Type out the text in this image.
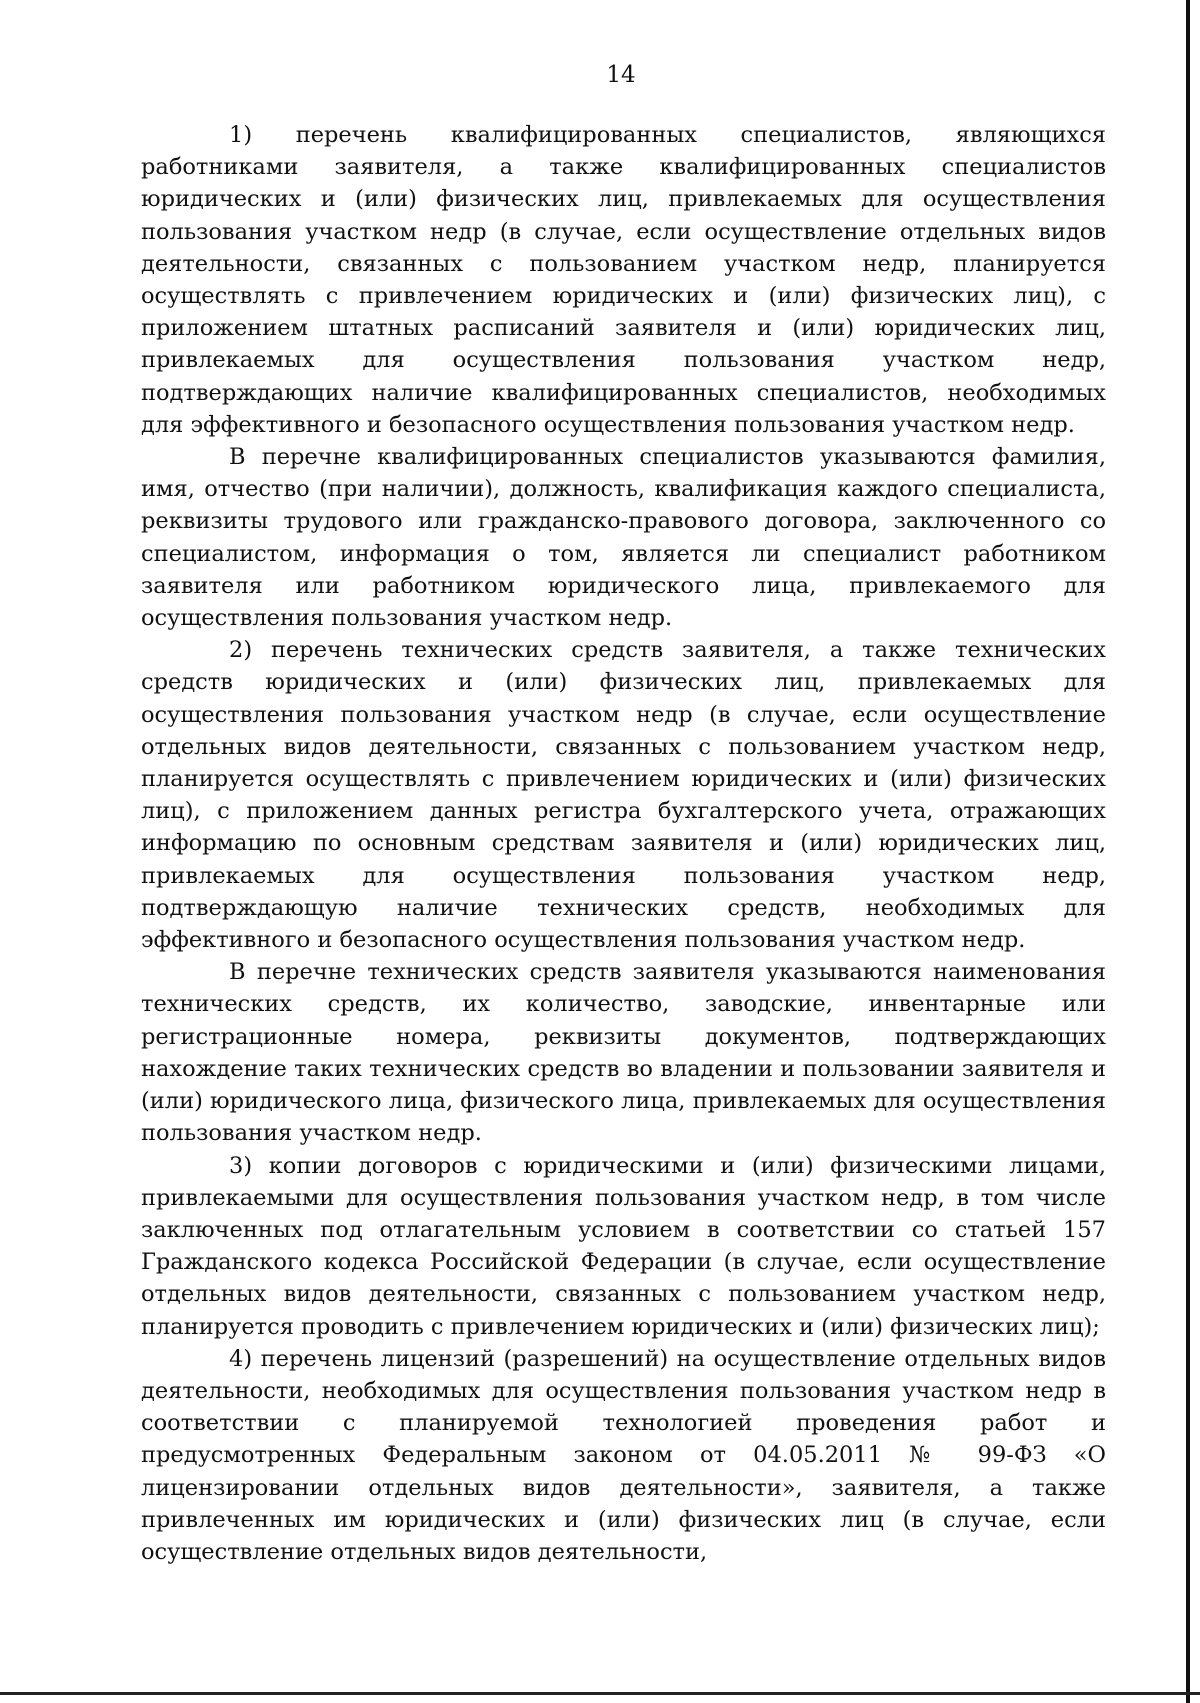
14

1) перечень квалифицированных специалистов, являющихся работниками заявителя, а также квалифицированных специалистов юридических и (или) физических лиц, привлекаемых для осуществления пользования участком недр (в случае, если осуществление отдельных видов деятельности, связанных с пользованием участком недр, планируется осуществлять с привлечением юридических и (или) физических лиц), с приложением штатных расписаний заявителя и (или) юридических лиц, привлекаемых для осуществления пользования участком недр, подтверждающих наличие квалифицированных специалистов, необходимых для эффективного и безопасного осуществления пользования участком недр.

В перечне квалифицированных специалистов указываются фамилия, имя, отчество (при наличии), должность, квалификация каждого специалиста, реквизиты трудового или гражданско-правового договора, заключенного со специалистом, информация о том, является ли специалист работником заявителя или работником юридического лица, привлекаемого для осуществления пользования участком недр.

2) перечень технических средств заявителя, а также технических средств юридических и (или) физических лиц, привлекаемых для осуществления пользования участком недр (в случае, если осуществление отдельных видов деятельности, связанных с пользованием участком недр, планируется осуществлять с привлечением юридических и (или) физических лиц), с приложением данных регистра бухгалтерского учета, отражающих информацию по основным средствам заявителя и (или) юридических лиц, привлекаемых для осуществления пользования участком недр, подтверждающую наличие технических средств, необходимых для эффективного и безопасного осуществления пользования участком недр.

В перечне технических средств заявителя указываются наименования технических средств, их количество, заводские, инвентарные или регистрационные номера, реквизиты документов, подтверждающих нахождение таких технических средств во владении и пользовании заявителя и (или) юридического лица, физического лица, привлекаемых для осуществления пользования участком недр.

3) копии договоров с юридическими и (или) физическими лицами, привлекаемыми для осуществления пользования участком недр, в том числе заключенных под отлагательным условием в соответствии со статьей 157 Гражданского кодекса Российской Федерации (в случае, если осуществление отдельных видов деятельности, связанных с пользованием участком недр, планируется проводить с привлечением юридических и (или) физических лиц);

4) перечень лицензий (разрешений) на осуществление отдельных видов деятельности, необходимых для осуществления пользования участком недр в соответствии с планируемой технологией проведения работ и предусмотренных Федеральным законом от 04.05.2011 № 99-ФЗ «О лицензировании отдельных видов деятельности», заявителя, а также привлеченных им юридических и (или) физических лиц (в случае, если осуществление отдельных видов деятельности,
